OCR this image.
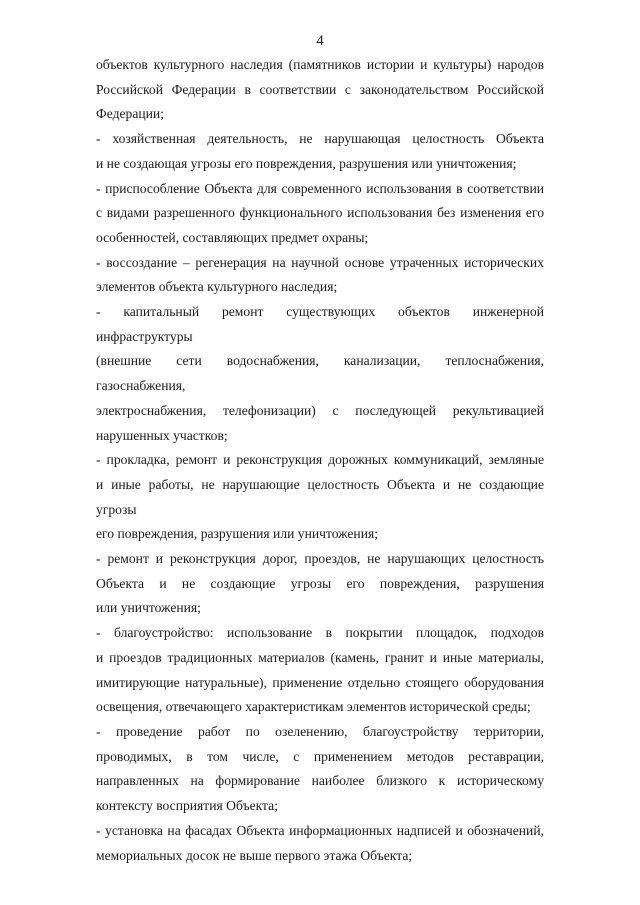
4
объектов культурного наследия (памятников истории и культуры) народов
Российской Федерации в соответствии с законодательством Российской
Федерации;
- хозяйственная деятельность, не нарушающая целостность Объекта
и не создающая угрозы его повреждения, разрушения или уничтожения;
- приспособление Объекта для современного использования в соответствии
с видами разрешенного функционального использования без изменения его
особенностей, составляющих предмет охраны;
- воссоздание – регенерация на научной основе утраченных исторических
элементов объекта культурного наследия;
- капитальный ремонт существующих объектов инженерной инфраструктуры
(внешние сети водоснабжения, канализации, теплоснабжения, газоснабжения,
электроснабжения, телефонизации) с последующей рекультивацией
нарушенных участков;
- прокладка, ремонт и реконструкция дорожных коммуникаций, земляные
и иные работы, не нарушающие целостность Объекта и не создающие угрозы
его повреждения, разрушения или уничтожения;
- ремонт и реконструкция дорог, проездов, не нарушающих целостность
Объекта и не создающие угрозы его повреждения, разрушения
или уничтожения;
- благоустройство: использование в покрытии площадок, подходов
и проездов традиционных материалов (камень, гранит и иные материалы,
имитирующие натуральные), применение отдельно стоящего оборудования
освещения, отвечающего характеристикам элементов исторической среды;
- проведение работ по озеленению, благоустройству территории,
проводимых, в том числе, с применением методов реставрации,
направленных на формирование наиболее близкого к историческому
контексту восприятия Объекта;
- установка на фасадах Объекта информационных надписей и обозначений,
мемориальных досок не выше первого этажа Объекта;
